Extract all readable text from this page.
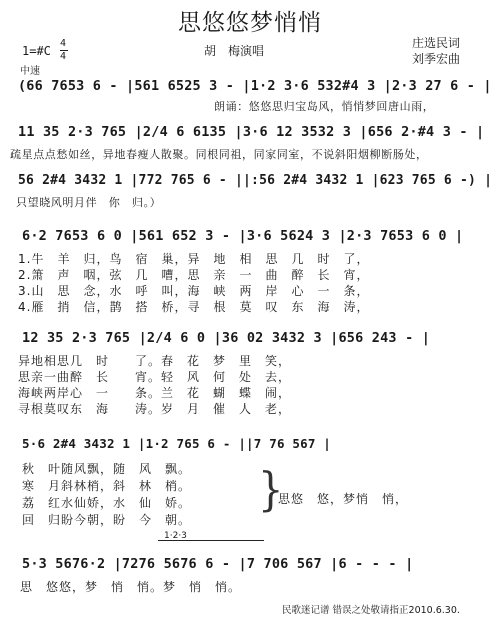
思悠悠梦悄悄
胡　梅演唱
庄选民词
刘季宏曲
1=#C
4
4
中速
(66 7653 6 - |561 6525 3 - |1·2 3·6 532#4 3 |2·3 27 6 - |
朗诵：悠悠思归宝岛风，悄悄梦回唐山雨，
11 35 2·3 765 |2/4 6 6135 |3·6 12 3532 3 |656 2·#4 3 - |
疏星点点愁如丝，异地春瘦人散聚。同根同祖，同家同室，不说斜阳烟柳断肠处，
56 2#4 3432 1 |772 765 6 - ||:56 2#4 3432 1 |623 765 6 -) |
只望晓风明月伴　你　归。）
6·2 7653 6 0 |561 652 3 - |3·6 5624 3 |2·3 7653 6 0 |
1.牛　羊　归，鸟　宿　巢，异　地　相　思　几　时　了，
2.箫　声　咽，弦　几　嘈，思　亲　一　曲　醉　长　宵，
3.山　思　念，水　呼　叫，海　峡　两　岸　心　一　条，
4.雁　捎　信，鹊　搭　桥，寻　根　莫　叹　东　海　涛，
12 35 2·3 765 |2/4 6 0 |36 02 3432 3 |656 243 - |
异地相思几　时　　了。春　花　梦　里　笑，
思亲一曲醉　长　　宵。轻　风　何　处　去，
海峡两岸心　一　　条。兰　花　蝴　蝶　闹，
寻根莫叹东　海　　涛。岁　月　催　人　老，
5·6 2#4 3432 1 |1·2 765 6 - ||7 76 567 |
秋　叶随风飘，随　风　飘。
寒　月斜林梢，斜　林　梢。
荔　红水仙娇，水　仙　娇。
回　归盼今朝，盼　今　朝。
}
思悠　悠，梦悄　悄，
1·2·3
5·3 5676·2 |7276 5676 6 - |7 706 567 |6 - - - |
思　悠悠，梦　悄　悄。梦　悄　悄。
民歌迷记谱 错误之处敬请指正2010.6.30.
